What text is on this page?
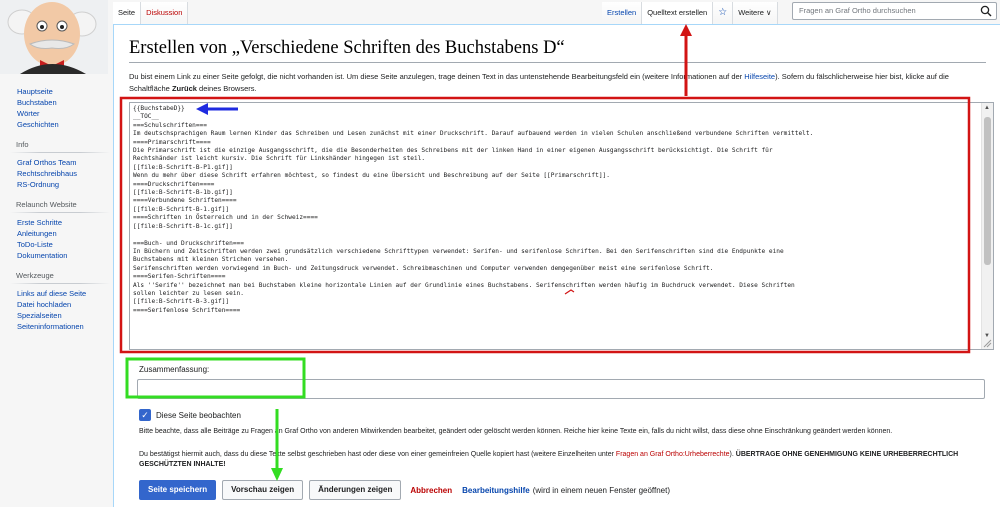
Hauptseite
Buchstaben
Wörter
Geschichten
Info
Graf Orthos Team
Rechtschreibhaus
RS-Ordnung
Relaunch Website
Erste Schritte
Anleitungen
ToDo-Liste
Dokumentation
Werkzeuge
Links auf diese Seite
Datei hochladen
Spezialseiten
Seiteninformationen
Seite	Diskussion	Erstellen	Quelltext erstellen	☆	Weitere ∨	Fragen an Graf Ortho durchsuchen
Erstellen von „Verschiedene Schriften des Buchstabens D“
Du bist einem Link zu einer Seite gefolgt, die nicht vorhanden ist. Um diese Seite anzulegen, trage deinen Text in das untenstehende Bearbeitungsfeld ein (weitere Informationen auf der Hilfeseite). Sofern du fälschlicherweise hier bist, klicke auf die Schaltfläche Zurück deines Browsers.
{{BuchstabeD}}
__TOC__
===Schulschriften===
Im deutschsprachigen Raum lernen Kinder das Schreiben und Lesen zunächst mit einer Druckschrift. Darauf aufbauend werden in vielen Schulen anschließend verbundene Schriften vermittelt.
====Primarschrift====
Die Primarschrift ist die einzige Ausgangsschrift, die die Besonderheiten des Schreibens mit der linken Hand in einer eigenen Ausgangsschrift berücksichtigt. Die Schrift für
Rechtshänder ist leicht kursiv. Die Schrift für Linkshänder hingegen ist steil.
[[file:B-Schrift-B-P1.gif]]
Wenn du mehr über diese Schrift erfahren möchtest, so findest du eine Übersicht und Beschreibung auf der Seite [[Primarschrift]].
====Druckschriften====
[[file:B-Schrift-B-1b.gif]]
====Verbundene Schriften====
[[file:B-Schrift-B-1.gif]]
====Schriften in Österreich und in der Schweiz====
[[file:B-Schrift-B-1c.gif]]

===Buch- und Druckschriften===
In Büchern und Zeitschriften werden zwei grundsätzlich verschiedene Schrifttypen verwendet: Serifen- und serifenlose Schriften. Bei den Serifenschriften sind die Endpunkte eine
Buchstabens mit kleinen Strichen versehen.
Serifenschriften werden vorwiegend im Buch- und Zeitungsdruck verwendet. Schreibmaschinen und Computer verwenden demgegenüber meist eine serifenlose Schrift.
====Serifen-Schriften====
Als ''Serife'' bezeichnet man bei Buchstaben kleine horizontale Linien auf der Grundlinie eines Buchstabens. Serifenschriften werden häufig im Buchdruck verwendet. Diese Schriften
sollen leichter zu lesen sein.
[[file:B-Schrift-B-3.gif]]
====Serifenlose Schriften====
▲
▼
Zusammenfassung:
✓ Diese Seite beobachten
Bitte beachte, dass alle Beiträge zu Fragen an Graf Ortho von anderen Mitwirkenden bearbeitet, geändert oder gelöscht werden können. Reiche hier keine Texte ein, falls du nicht willst, dass diese ohne Einschränkung geändert werden können.
Du bestätigst hiermit auch, dass du diese Texte selbst geschrieben hast oder diese von einer gemeinfreien Quelle kopiert hast (weitere Einzelheiten unter Fragen an Graf Ortho:Urheberrechte). ÜBERTRAGE OHNE GENEHMIGUNG KEINE URHEBERRECHTLICH GESCHÜTZTEN INHALTE!
Seite speichern	Vorschau zeigen	Änderungen zeigen	Abbrechen Bearbeitungshilfe (wird in einem neuen Fenster geöffnet)
